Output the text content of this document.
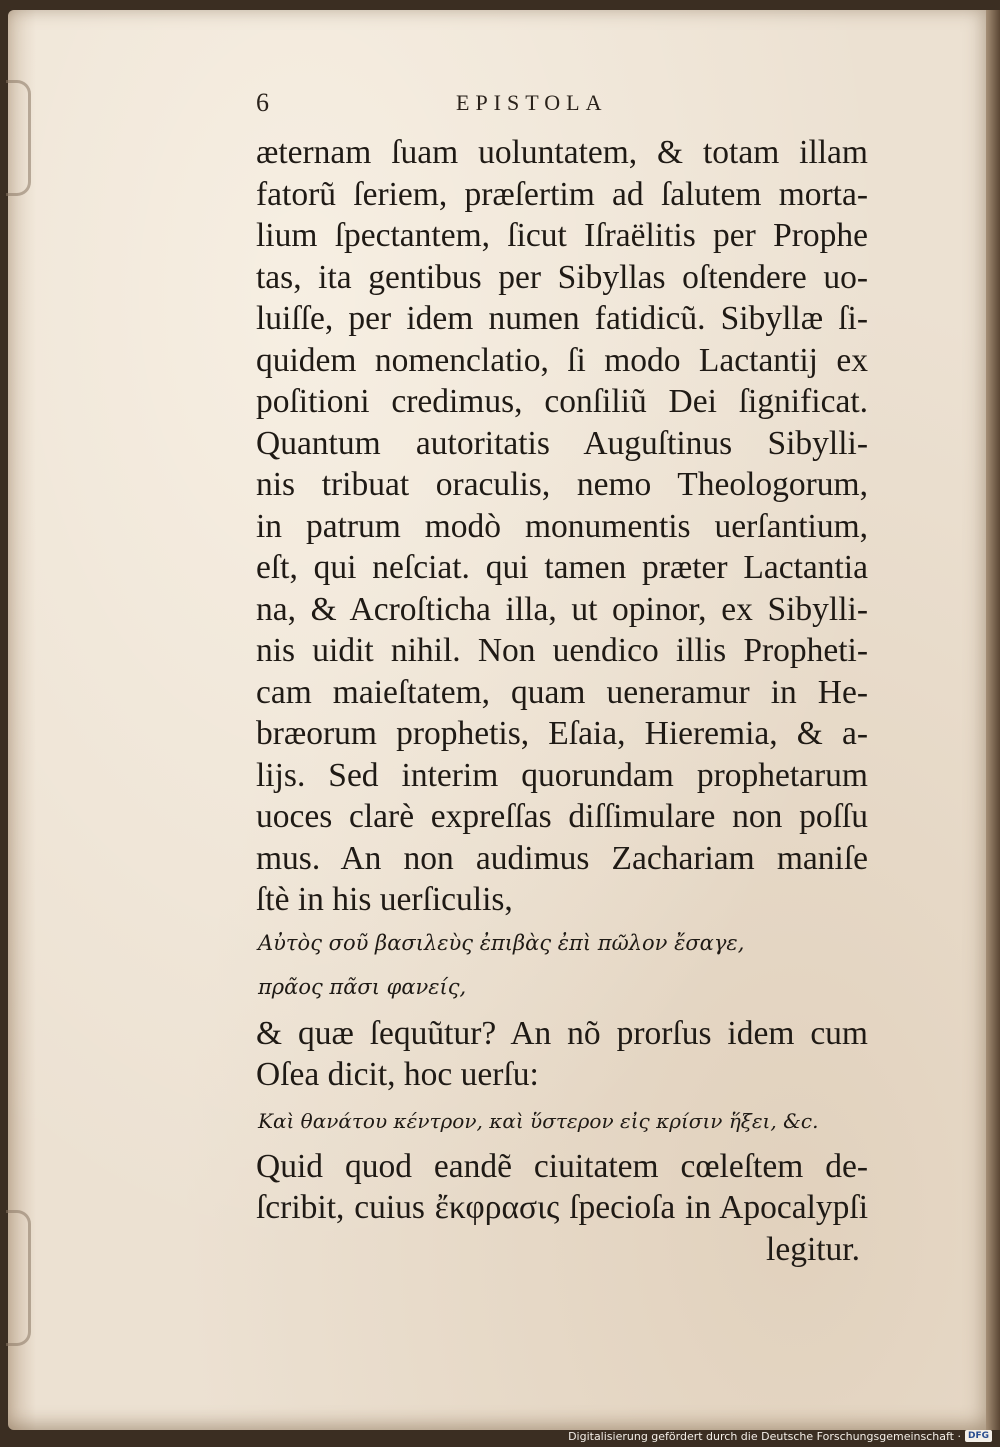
6	EPISTOLA
æternam ſuam uoluntatem, & totam illam
fatorũ ſeriem, præſertim ad ſalutem morta-
lium ſpectantem, ſicut Iſraëlitis per Prophe
tas, ita gentibus per Sibyllas oſtendere uo-
luiſſe, per idem numen fatidicũ. Sibyllæ ſi-
quidem nomenclatio, ſi modo Lactantij ex
poſitioni credimus, conſiliũ Dei ſignificat.
Quantum autoritatis Auguſtinus Sibylli-
nis tribuat oraculis, nemo Theologorum,
in patrum modò monumentis uerſantium,
eſt, qui neſciat. qui tamen præter Lactantia
na, & Acroſticha illa, ut opinor, ex Sibylli-
nis uidit nihil. Non uendico illis Propheti-
cam maieſtatem, quam ueneramur in He-
bræorum prophetis, Eſaia, Hieremia, & a-
lijs. Sed interim quorundam prophetarum
uoces clarè expreſſas diſſimulare non poſſu
mus. An non audimus Zachariam maniſe
ſtè in his uerſiculis,
Αὐτὸς σοῦ βασιλεὺς ἐπιβὰς ἐπὶ πῶλον ἔσαγε,
πρᾶος πᾶσι φανείς,
& quæ ſequũtur? An nõ prorſus idem cum
Oſea dicit, hoc uerſu:
Καὶ θανάτου κέντρον, καὶ ὕστερον εἰς κρίσιν ἥξει, &c.
Quid quod eandẽ ciuitatem cœleſtem de-
ſcribit, cuius ἔκφρασις ſpecioſa in Apocalypſi
legitur.
Digitalisierung gefördert durch die Deutsche Forschungsgemeinschaft · DFG
